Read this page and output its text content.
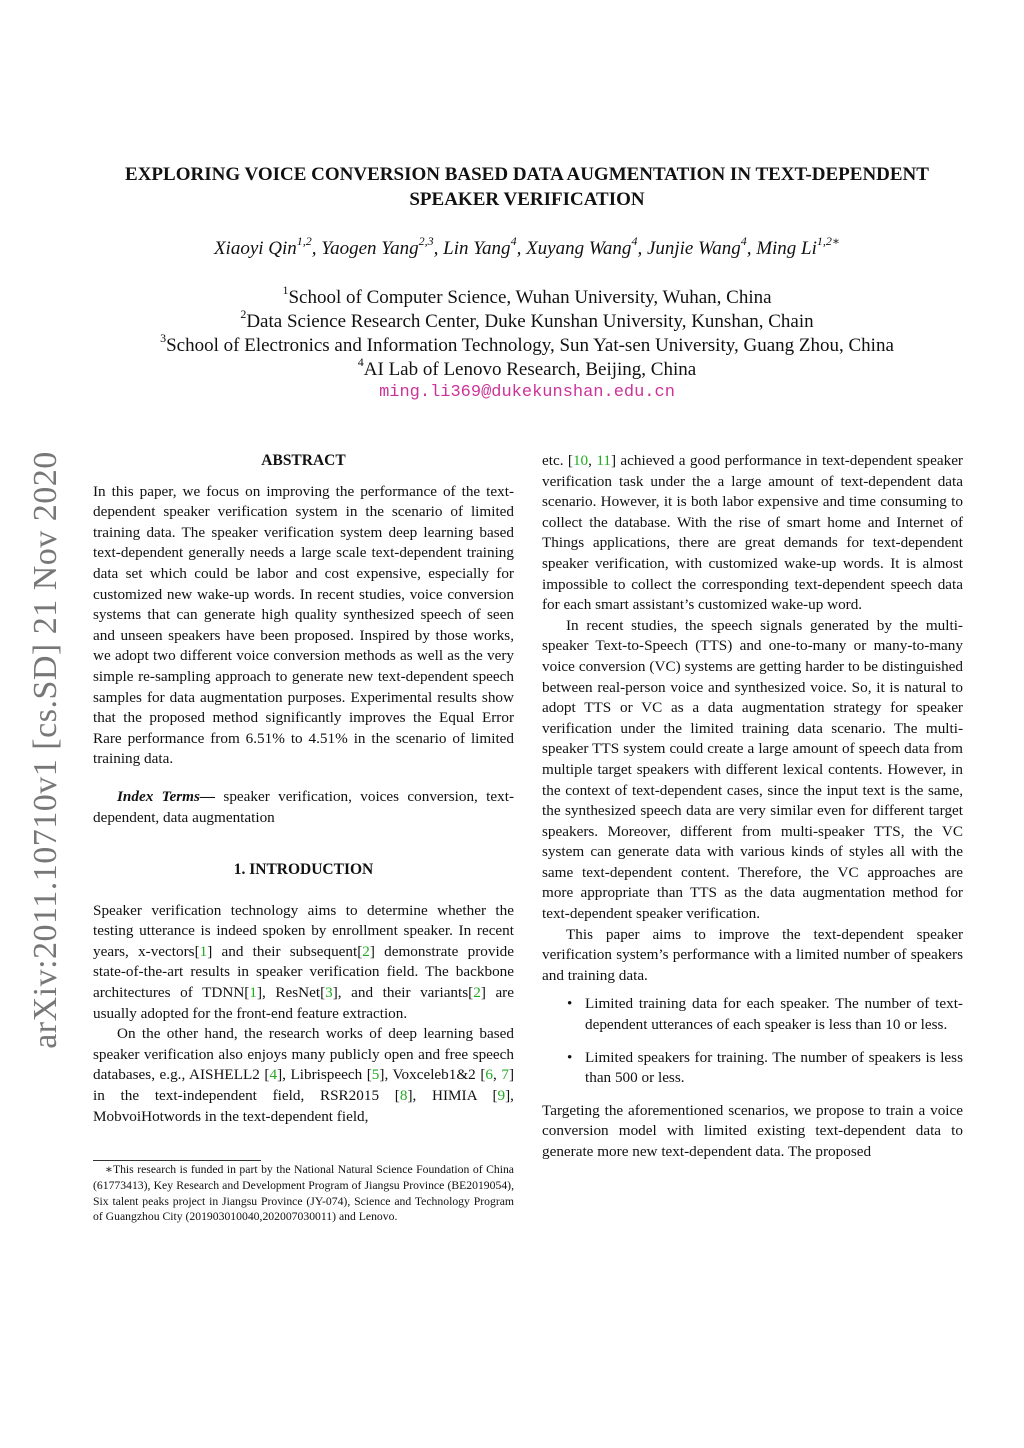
EXPLORING VOICE CONVERSION BASED DATA AUGMENTATION IN TEXT-DEPENDENT
SPEAKER VERIFICATION
Xiaoyi Qin$^{1,2}$, Yaogen Yang$^{2,3}$, Lin Yang$^4$, Xuyang Wang$^4$, Junjie Wang$^4$, Ming $Li^{1,2∗}$
$^1$School of Computer Science, Wuhan University, Wuhan, China
$^2$Data Science Research Center, Duke Kunshan University, Kunshan, Chain
$^3$School of Electronics and Information Technology, Sun Yat-sen University, Guang Zhou, China
$^4$AI Lab of Lenovo Research, Beijing, China
ming.li369@dukekunshan.edu.cn
arXiv:2011.10710v1 [cs.SD] 21 Nov 2020	ABSTRACT

In this paper, we focus on improving the performance of the text-dependent speaker verification system in the scenario of limited training data. The speaker verification system deep learning based text-dependent generally needs a large scale text-dependent training data set which could be labor and cost expensive, especially for customized new wake-up words. In recent studies, voice conversion systems that can generate high quality synthesized speech of seen and unseen speakers have been proposed. Inspired by those works, we adopt two different voice conversion methods as well as the very simple re-sampling approach to generate new text-dependent speech samples for data augmentation purposes. Experimental results show that the proposed method significantly improves the Equal Error Rare performance from 6.51% to 4.51% in the scenario of limited training data.

Index Terms— speaker verification, voices conversion, text-dependent, data augmentation

1. INTRODUCTION

Speaker verification technology aims to determine whether the testing utterance is indeed spoken by enrollment speaker. In recent years, x-vectors[1] and their subsequent[2] demonstrate provide state-of-the-art results in speaker verification field. The backbone architectures of TDNN[1], ResNet[3], and their variants[2] are usually adopted for the front-end feature extraction.

On the other hand, the research works of deep learning based speaker verification also enjoys many publicly open and free speech databases, e.g., AISHELL2 [4], Librispeech [5], Voxceleb1&2 [6, 7] in the text-independent field, RSR2015 [8], HIMIA [9], MobvoiHotwords in the text-dependent field,

∗This research is funded in part by the National Natural Science Foundation of China (61773413), Key Research and Development Program of Jiangsu Province (BE2019054), Six talent peaks project in Jiangsu Province (JY-074), Science and Technology Program of Guangzhou City (201903010040,202007030011) and Lenovo.

etc. [10, 11] achieved a good performance in text-dependent speaker verification task under the a large amount of text-dependent data scenario. However, it is both labor expensive and time consuming to collect the database. With the rise of smart home and Internet of Things applications, there are great demands for text-dependent speaker verification, with customized wake-up words. It is almost impossible to collect the corresponding text-dependent speech data for each smart assistant’s customized wake-up word.

In recent studies, the speech signals generated by the multi-speaker Text-to-Speech (TTS) and one-to-many or many-to-many voice conversion (VC) systems are getting harder to be distinguished between real-person voice and synthesized voice. So, it is natural to adopt TTS or VC as a data augmentation strategy for speaker verification under the limited training data scenario. The multi-speaker TTS system could create a large amount of speech data from multiple target speakers with different lexical contents. However, in the context of text-dependent cases, since the input text is the same, the synthesized speech data are very similar even for different target speakers. Moreover, different from multi-speaker TTS, the VC system can generate data with various kinds of styles all with the same text-dependent content. Therefore, the VC approaches are more appropriate than TTS as the data augmentation method for text-dependent speaker verification.

This paper aims to improve the text-dependent speaker verification system’s performance with a limited number of speakers and training data.

• Limited training data for each speaker. The number of text-dependent utterances of each speaker is less than 10 or less.
• Limited speakers for training. The number of speakers is less than 500 or less.

Targeting the aforementioned scenarios, we propose to train a voice conversion model with limited existing text-dependent data to generate more new text-dependent data. The proposed
